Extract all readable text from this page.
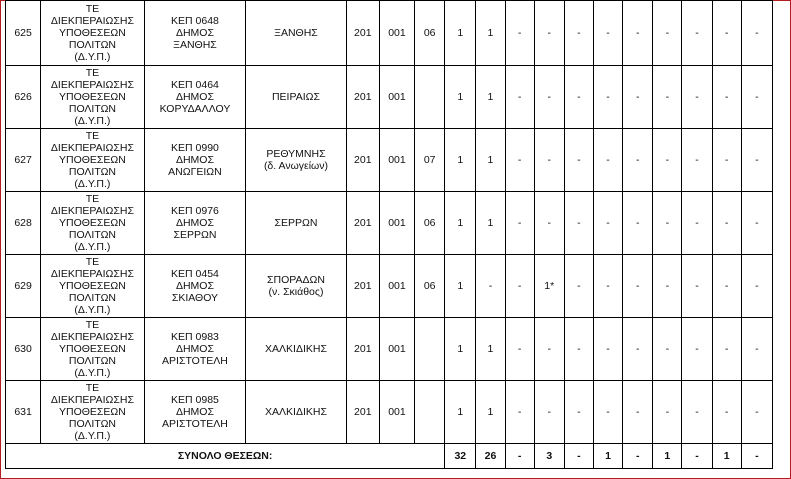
625	ΤΕ
ΔΙΕΚΠΕΡΑΙΩΣΗΣ
ΥΠΟΘΕΣΕΩΝ
ΠΟΛΙΤΩΝ
(Δ.Υ.Π.)	ΚΕΠ 0648
ΔΗΜΟΣ
ΞΑΝΘΗΣ	ΞΑΝΘΗΣ	201	001	06	1	1	-	-	-	-	-	-	-	-	-
626	ΤΕ
ΔΙΕΚΠΕΡΑΙΩΣΗΣ
ΥΠΟΘΕΣΕΩΝ
ΠΟΛΙΤΩΝ
(Δ.Υ.Π.)	ΚΕΠ 0464
ΔΗΜΟΣ
ΚΟΡΥΔΑΛΛΟΥ	ΠΕΙΡΑΙΩΣ	201	001		1	1	-	-	-	-	-	-	-	-	-
627	ΤΕ
ΔΙΕΚΠΕΡΑΙΩΣΗΣ
ΥΠΟΘΕΣΕΩΝ
ΠΟΛΙΤΩΝ
(Δ.Υ.Π.)	ΚΕΠ 0990
ΔΗΜΟΣ
ΑΝΩΓΕΙΩΝ	ΡΕΘΥΜΝΗΣ
(δ. Ανωγείων)	201	001	07	1	1	-	-	-	-	-	-	-	-	-
628	ΤΕ
ΔΙΕΚΠΕΡΑΙΩΣΗΣ
ΥΠΟΘΕΣΕΩΝ
ΠΟΛΙΤΩΝ
(Δ.Υ.Π.)	ΚΕΠ 0976
ΔΗΜΟΣ
ΣΕΡΡΩΝ	ΣΕΡΡΩΝ	201	001	06	1	1	-	-	-	-	-	-	-	-	-
629	ΤΕ
ΔΙΕΚΠΕΡΑΙΩΣΗΣ
ΥΠΟΘΕΣΕΩΝ
ΠΟΛΙΤΩΝ
(Δ.Υ.Π.)	ΚΕΠ 0454
ΔΗΜΟΣ
ΣΚΙΑΘΟΥ	ΣΠΟΡΑΔΩΝ
(ν. Σκιάθος)	201	001	06	1	-	-	1*	-	-	-	-	-	-	-
630	ΤΕ
ΔΙΕΚΠΕΡΑΙΩΣΗΣ
ΥΠΟΘΕΣΕΩΝ
ΠΟΛΙΤΩΝ
(Δ.Υ.Π.)	ΚΕΠ 0983
ΔΗΜΟΣ
ΑΡΙΣΤΟΤΕΛΗ	ΧΑΛΚΙΔΙΚΗΣ	201	001		1	1	-	-	-	-	-	-	-	-	-
631	ΤΕ
ΔΙΕΚΠΕΡΑΙΩΣΗΣ
ΥΠΟΘΕΣΕΩΝ
ΠΟΛΙΤΩΝ
(Δ.Υ.Π.)	ΚΕΠ 0985
ΔΗΜΟΣ
ΑΡΙΣΤΟΤΕΛΗ	ΧΑΛΚΙΔΙΚΗΣ	201	001		1	1	-	-	-	-	-	-	-	-	-
ΣΥΝΟΛΟ ΘΕΣΕΩΝ:							32	26	-	3	-	1	-	1	-	1	-
